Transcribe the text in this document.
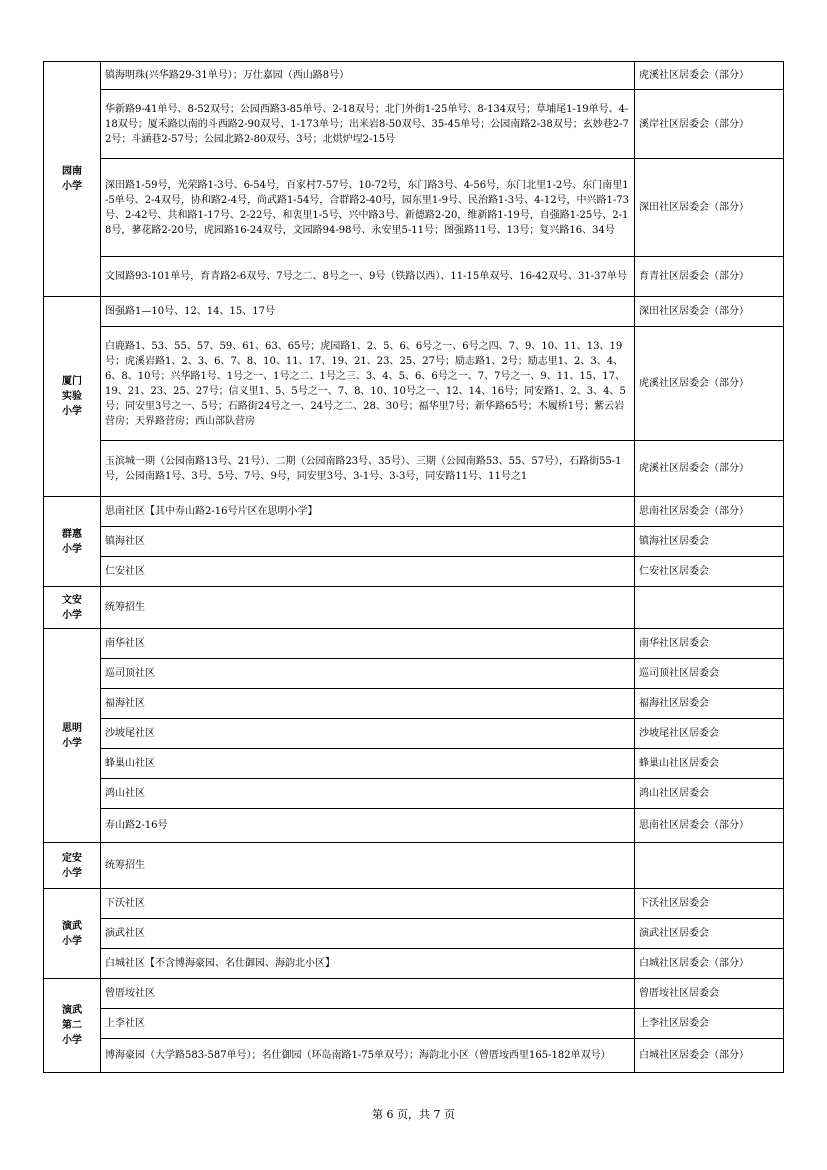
园南
小学	镇海明珠(兴华路29-31单号）；万仕嘉园（西山路8号）	虎溪社区居委会（部分）
	华新路9-41单号、8-52双号；公园西路3-85单号、2-18双号；北门外街1-25单号、8-134双号；草埔尾1-19单号、4-18双号；厦禾路以南的斗西路2-90双号、1-173单号；出米岩8-50双号、35-45单号；公园南路2-38双号；玄妙巷2-72号；斗涵巷2-57号；公园北路2-80双号、3号；北烘炉埕2-15号	溪岸社区居委会（部分）
	深田路1-59号，光荣路1-3号、6-54号，百家村7-57号、10-72号，东门路3号、4-56号，东门北里1-2号、东门南里1-5单号、2-4双号，协和路2-4号，尚武路1-54号，合群路2-40号，园东里1-9号、民治路1-3号、4-12号，中兴路1-73号、2-42号、共和路1-17号、2-22号、和衷里1-5号、兴中路3号、新德路2-20，维新路1-19号，自强路1-25号、2-18号，蓼花路2-20号，虎园路16-24双号，文园路94-98号、永安里5-11号；图强路11号、13号；复兴路16、34号	深田社区居委会（部分）
	文园路93-101单号，育青路2-6双号、7号之二、8号之一、9号（铁路以西）、11-15单双号、16-42双号、31-37单号	育青社区居委会（部分）

厦门
实验
小学	图强路1—10号、12、14、15、17号	深田社区居委会（部分）
	白鹿路1、53、55、57、59、61、63、65号；虎园路1、2、5、6、6号之一、6号之四、7、9、10、11、13、19号；虎溪岩路1、2、3、6、7、8、10、11、17、19、21、23、25、27号；励志路1、2号；励志里1、2、3、4、6、8、10号；兴华路1号、1号之一、1号之二、1号之三、3、4、5、6、6号之一、7、7号之一、9、11、15、17、19、21、23、25、27号；信义里1、5、5号之一、7、8、10、10号之一、12、14、16号；同安路1、2、3、4、5号；同安里3号之一、5号；石路街24号之一、24号之二、28、30号；福华里7号；新华路65号；木履桥1号；紫云岩营房；天界路营房；西山部队营房	虎溪社区居委会（部分）
	玉滨城一期（公园南路13号、21号）、二期（公园南路23号、35号）、三期（公园南路53、55、57号），石路街55-1号，公园南路1号、3号、5号、7号、9号，同安里3号、3-1号、3-3号，同安路11号、11号之1	虎溪社区居委会（部分）

群惠
小学	思南社区【其中寿山路2-16号片区在思明小学】	思南社区居委会（部分）
	镇海社区	镇海社区居委会
	仁安社区	仁安社区居委会

文安
小学	统筹招生	

思明
小学	南华社区	南华社区居委会
	巡司顶社区	巡司顶社区居委会
	福海社区	福海社区居委会
	沙坡尾社区	沙坡尾社区居委会
	蜂巢山社区	蜂巢山社区居委会
	鸿山社区	鸿山社区居委会
	寿山路2-16号	思南社区居委会（部分）

定安
小学	统筹招生	

演武
小学	下沃社区	下沃社区居委会
	演武社区	演武社区居委会
	白城社区【不含博海豪园、名仕御园、海韵北小区】	白城社区居委会（部分）

演武
第二
小学	曾厝垵社区	曾厝垵社区居委会
	上李社区	上李社区居委会
	博海豪园（大学路583-587单号）；名仕御园（环岛南路1-75单双号）；海韵北小区（曾厝垵西里165-182单双号）	白城社区居委会（部分）
第 6 页，共 7 页
